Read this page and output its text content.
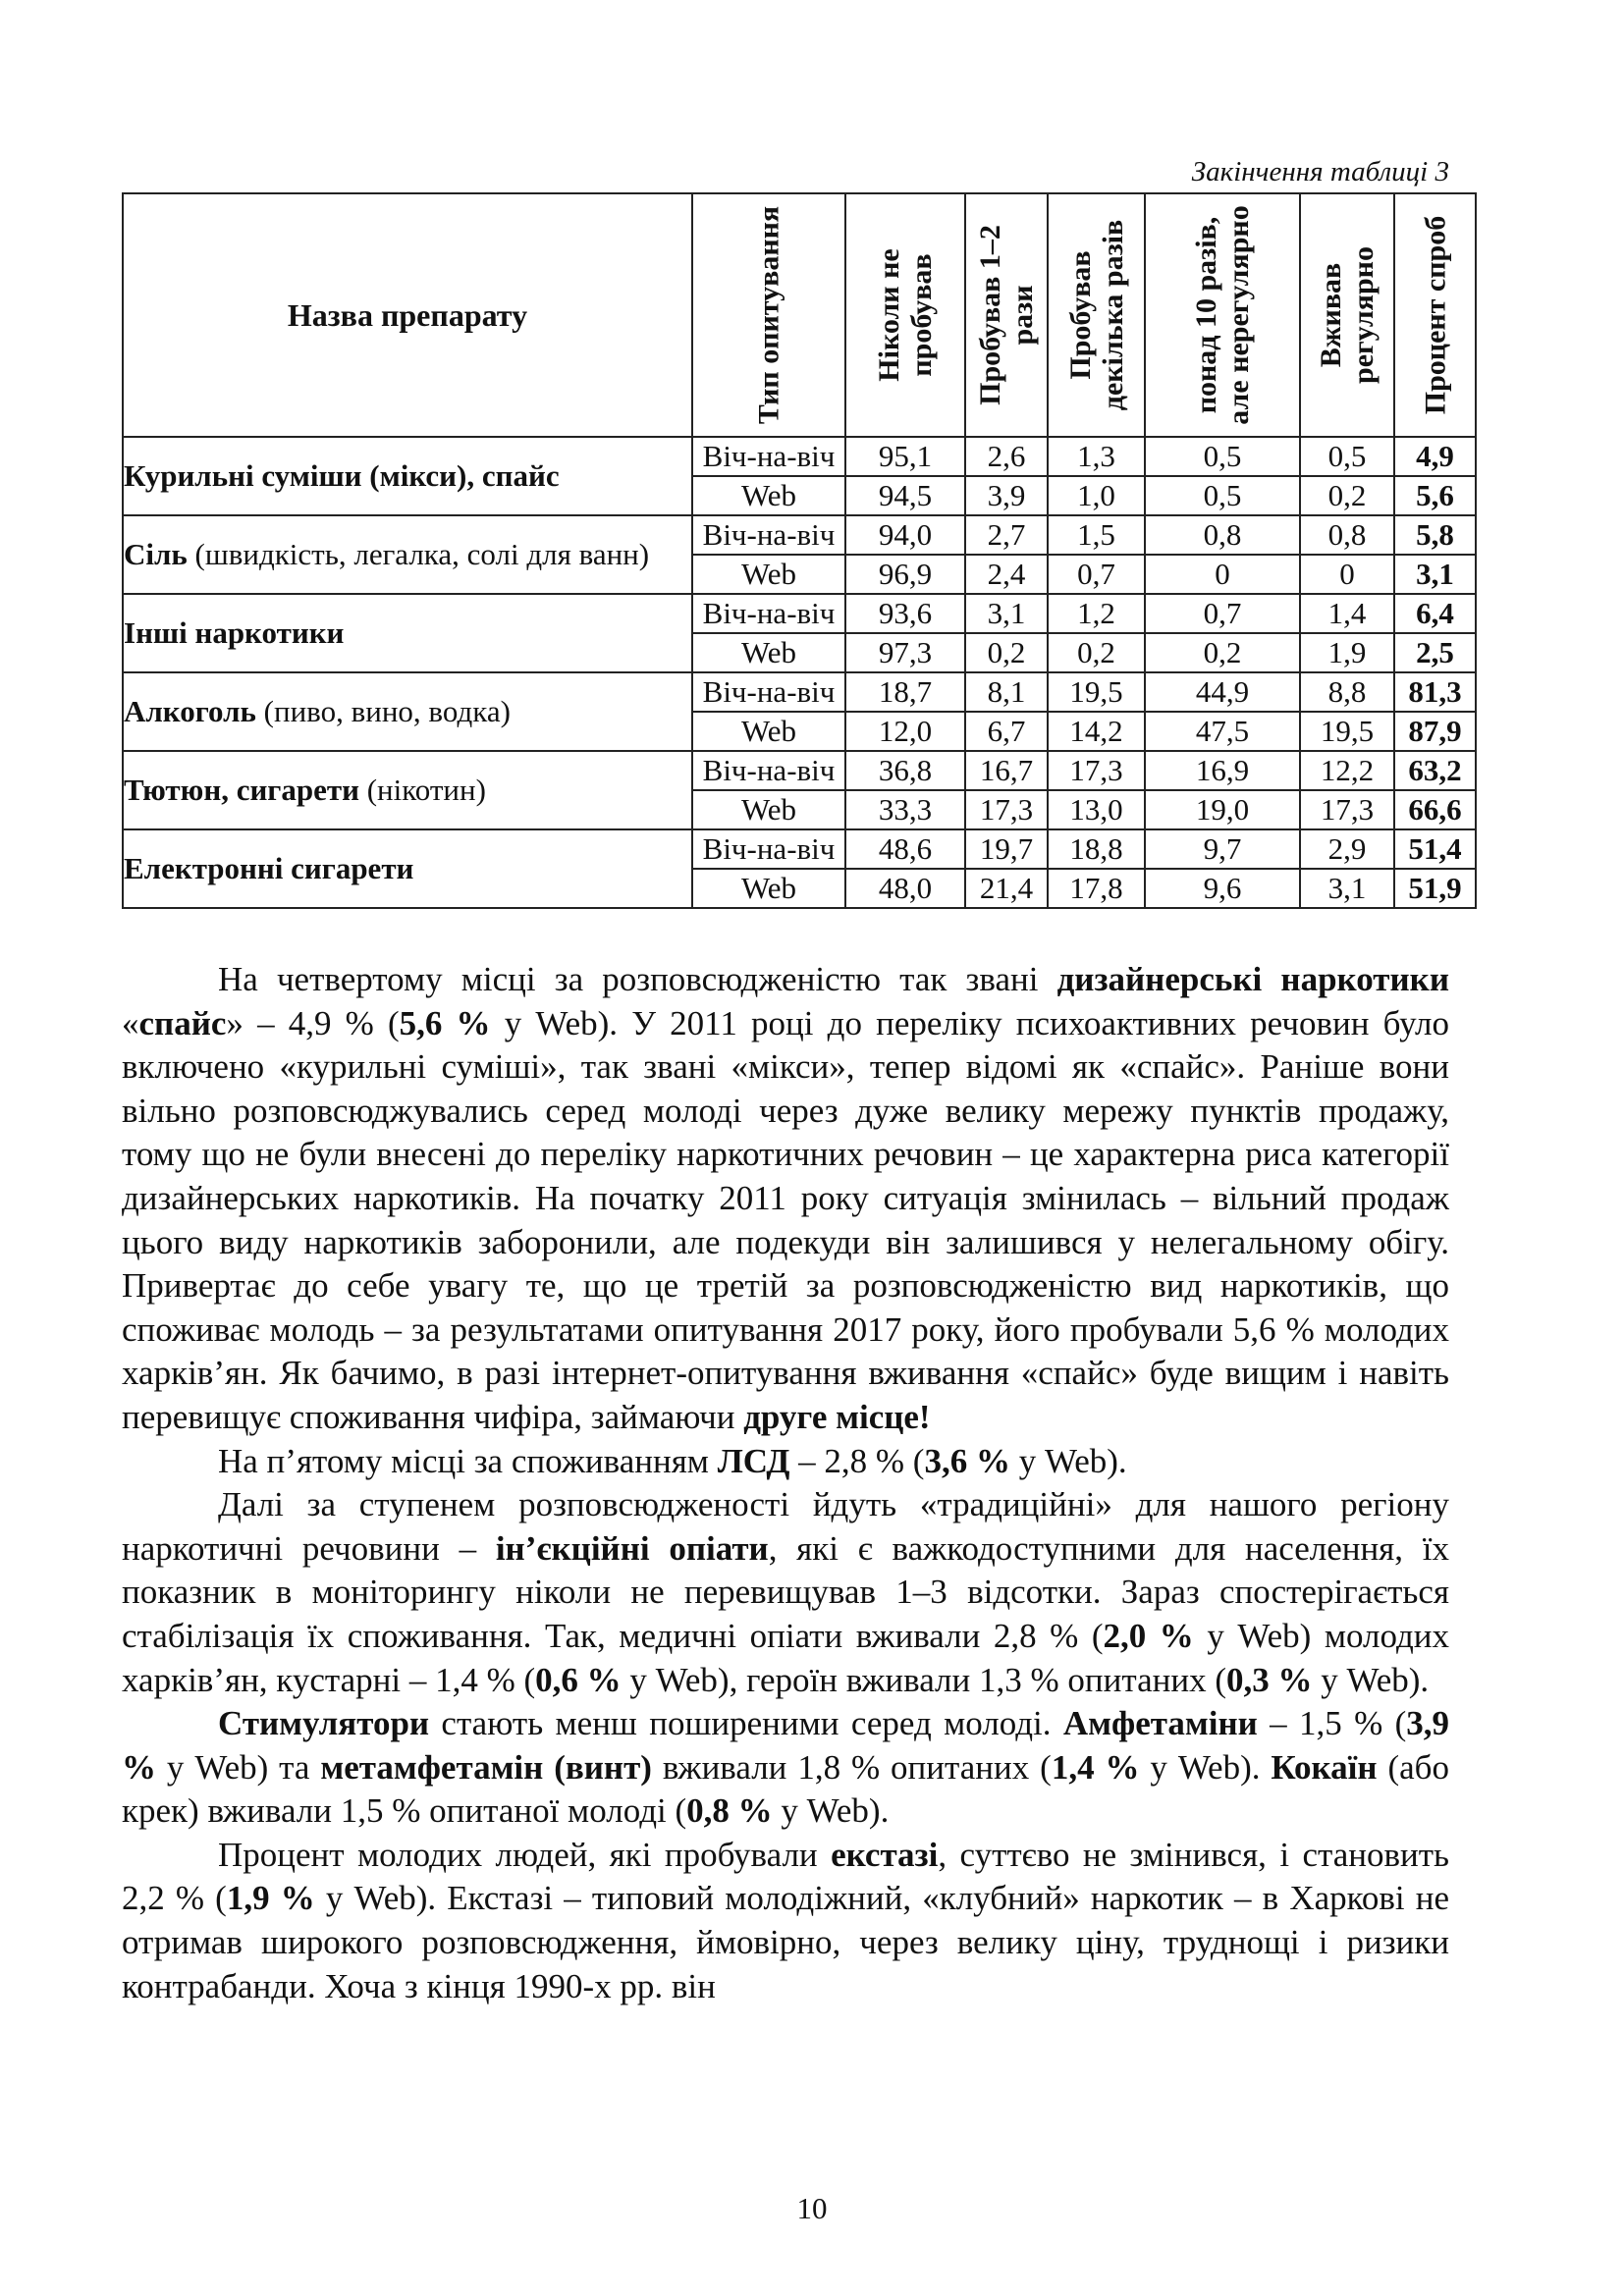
Закінчення таблиці 3
Назва препарату	Тип опитування	Ніколи не пробував	Пробував 1–2 рази	Пробував декілька разів	понад 10 разів, але нерегулярно	Вживав регулярно	Процент спроб

Курильні суміши (мікси), спайс	Віч-на-віч	95,1	2,6	1,3	0,5	0,5	4,9
	Web	94,5	3,9	1,0	0,5	0,2	5,6
Сіль (швидкість, легалка, солі для ванн)	Віч-на-віч	94,0	2,7	1,5	0,8	0,8	5,8
	Web	96,9	2,4	0,7	0	0	3,1
Інші наркотики	Віч-на-віч	93,6	3,1	1,2	0,7	1,4	6,4
	Web	97,3	0,2	0,2	0,2	1,9	2,5
Алкоголь (пиво, вино, водка)	Віч-на-віч	18,7	8,1	19,5	44,9	8,8	81,3
	Web	12,0	6,7	14,2	47,5	19,5	87,9
Тютюн, сигарети (нікотин)	Віч-на-віч	36,8	16,7	17,3	16,9	12,2	63,2
	Web	33,3	17,3	13,0	19,0	17,3	66,6
Електронні сигарети	Віч-на-віч	48,6	19,7	18,8	9,7	2,9	51,4
	Web	48,0	21,4	17,8	9,6	3,1	51,9

На четвертому місці за розповсюдженістю так звані дизайнерські наркотики «спайс» – 4,9 % (5,6 % у Web). У 2011 році до переліку психоактивних речовин було включено «курильні суміші», так звані «мікси», тепер відомі як «спайс». Раніше вони вільно розповсюджувались серед молоді через дуже велику мережу пунктів продажу, тому що не були внесені до переліку наркотичних речовин – це характерна риса категорії дизайнерських наркотиків. На початку 2011 року ситуація змінилась – вільний продаж цього виду наркотиків заборонили, але подекуди він залишився у нелегальному обігу. Привертає до себе увагу те, що це третій за розповсюдженістю вид наркотиків, що споживає молодь – за результатами опитування 2017 року, його пробували 5,6 % молодих харків’ян. Як бачимо, в разі інтернет-опитування вживання «спайс» буде вищим і навіть перевищує споживання чифіра, займаючи друге місце!

На п’ятому місці за споживанням ЛСД – 2,8 % (3,6 % у Web).

Далі за ступенем розповсюдженості йдуть «традиційні» для нашого регіону наркотичні речовини – ін’єкційні опіати, які є важкодоступними для населення, їх показник в моніторингу ніколи не перевищував 1–3 відсотки. Зараз спостерігається стабілізація їх споживання. Так, медичні опіати вживали 2,8 % (2,0 % у Web) молодих харків’ян, кустарні – 1,4 % (0,6 % у Web), героїн вживали 1,3 % опитаних (0,3 % у Web).

Стимулятори стають менш поширеними серед молоді. Амфетаміни – 1,5 % (3,9 % у Web) та метамфетамін (винт) вживали 1,8 % опитаних (1,4 % у Web). Кокаїн (або крек) вживали 1,5 % опитаної молоді (0,8 % у Web).

Процент молодих людей, які пробували екстазі, суттєво не змінився, і становить 2,2 % (1,9 % у Web). Екстазі – типовий молодіжний, «клубний» наркотик – в Харкові не отримав широкого розповсюдження, ймовірно, через велику ціну, труднощі і ризики контрабанди. Хоча з кінця 1990-х рр. він

10
